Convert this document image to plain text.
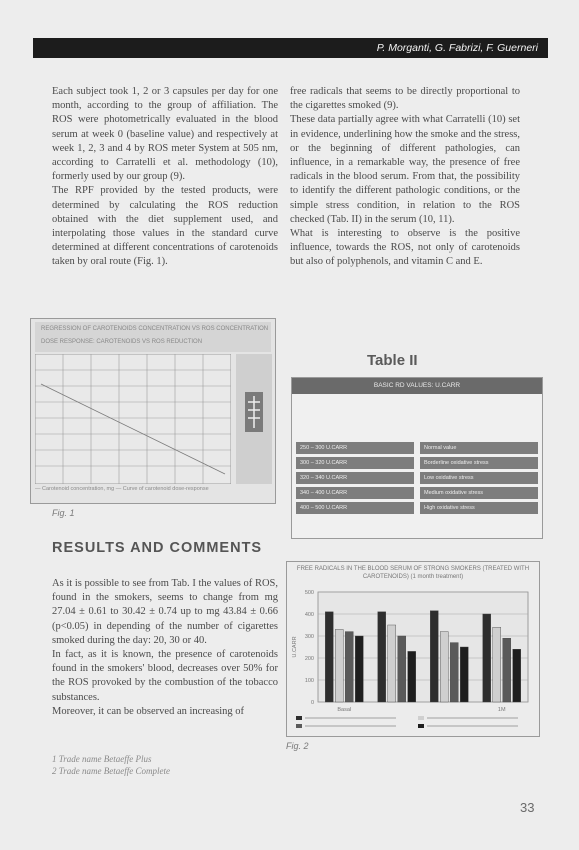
P. Morganti, G. Fabrizi, F. Guerneri

Each subject took 1, 2 or 3 capsules per day for one month, according to the group of affiliation. The ROS were photometrically evaluated in the blood serum at week 0 (baseline value) and respectively at week 1, 2, 3 and 4 by ROS meter System at 505 nm, according to Carratelli et al. methodology (10), formerly used by our group (9).

The RPF provided by the tested products, were determined by calculating the ROS reduction obtained with the diet supplement used, and interpolating those values in the standard curve determined at different concentrations of carotenoids taken by oral route (Fig. 1).

free radicals that seems to be directly proportional to the cigarettes smoked (9).

These data partially agree with what Carratelli (10) set in evidence, underlining how the smoke and the stress, or the beginning of different pathologies, can influence, in a remarkable way, the presence of free radicals in the blood serum. From that, the possibility to identify the different pathologic conditions, or the simple stress condition, in relation to the ROS checked (Tab. II) in the serum (10, 11).

What is interesting to observe is the positive influence, towards the ROS, not only of carotenoids but also of polyphenols, and vitamin C and E.

REGRESSION OF CAROTENOIDS CONCENTRATION VS ROS CONCENTRATION
DOSE RESPONSE: CAROTENOIDS VS ROS REDUCTION
— Carotenoid concentration, mg — Curve of carotenoid dose-response
Fig. 1
RESULTS AND COMMENTS

As it is possible to see from Tab. I the values of ROS, found in the smokers, seems to change from mg 27.04 ± 0.61 to 30.42 ± 0.74 up to mg 43.84 ± 0.66 (p<0.05) in depending of the number of cigarettes smoked during the day: 20, 30 or 40.

In fact, as it is known, the presence of carotenoids found in the smokers' blood, decreases over 50% for the ROS provoked by the combustion of the tobacco substances.

Moreover, it can be observed an increasing of

Table II
BASIC RD VALUES: U.CARR
250 – 300 U.CARR	Normal value
300 – 320 U.CARR	Borderline oxidative stress
320 – 340 U.CARR	Low oxidative stress
340 – 400 U.CARR	Medium oxidative stress
400 – 500 U.CARR	High oxidative stress
FREE RADICALS IN THE BLOOD SERUM OF STRONG SMOKERS (TREATED WITH CAROTENOIDS) (1 month treatment)
0
100
200
300
400
500
U.CARR
Basal	1M
Fig. 2

1 Trade name Betaeffe Plus

2 Trade name Betaeffe Complete

33
